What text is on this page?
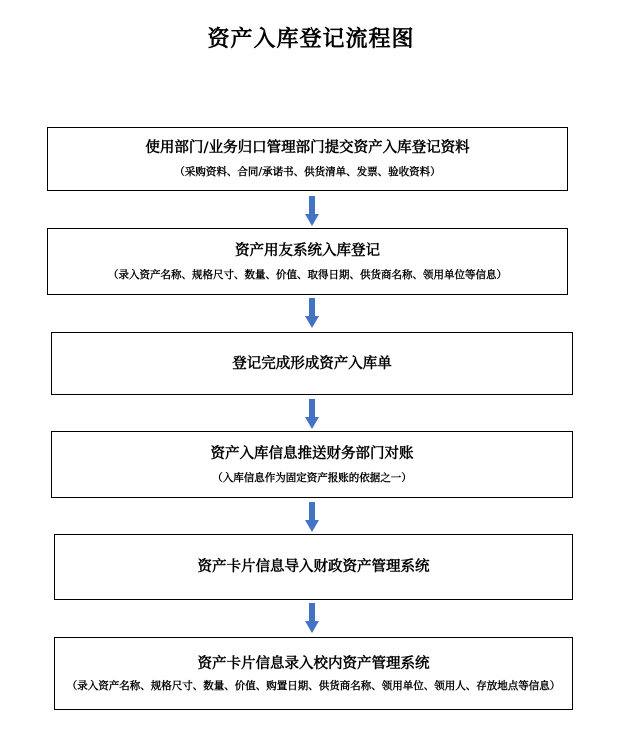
资产入库登记流程图
使用部门/业务归口管理部门提交资产入库登记资料
（采购资料、合同/承诺书、供货清单、发票、验收资料）
资产用友系统入库登记
（录入资产名称、规格尺寸、数量、价值、取得日期、供货商名称、领用单位等信息）
登记完成形成资产入库单
资产入库信息推送财务部门对账
（入库信息作为固定资产报账的依据之一）
资产卡片信息导入财政资产管理系统
资产卡片信息录入校内资产管理系统
（录入资产名称、规格尺寸、数量、价值、购置日期、供货商名称、领用单位、领用人、存放地点等信息）
